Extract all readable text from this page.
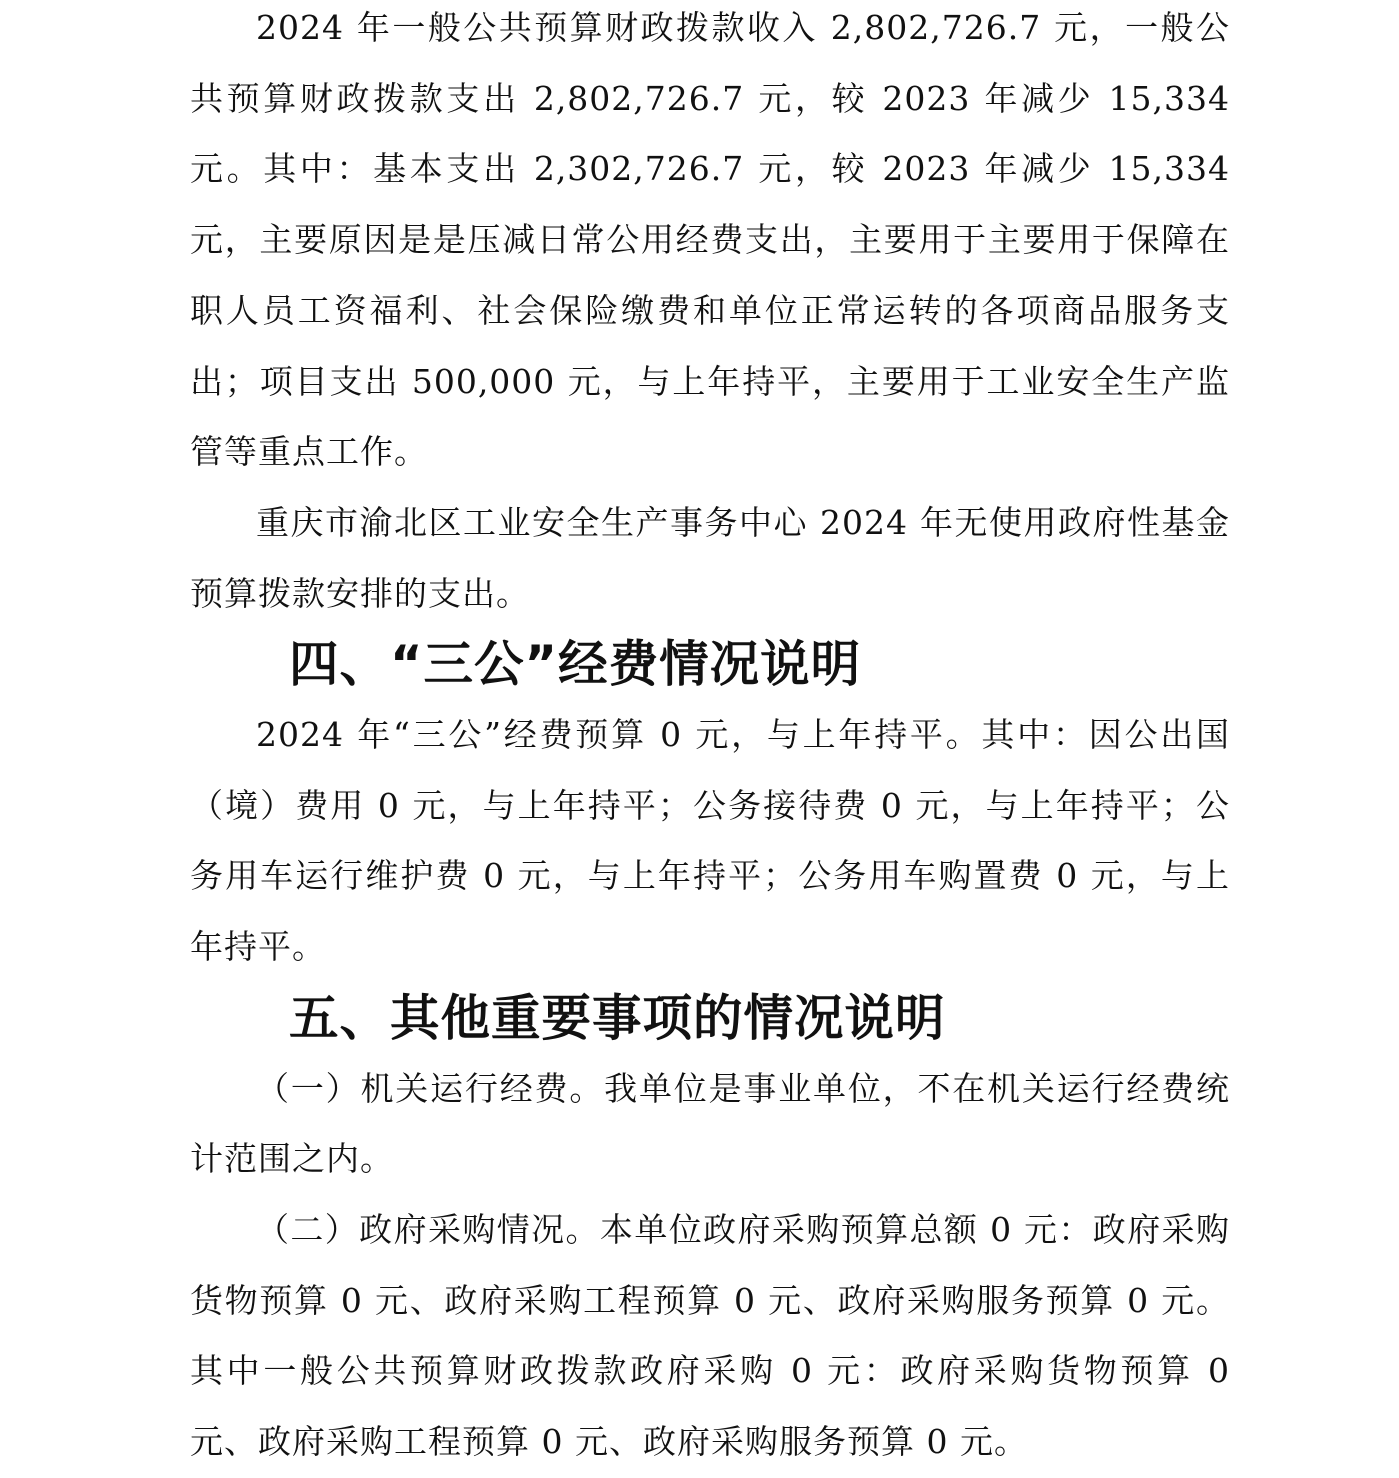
2024 年一般公共预算财政拨款收入 2,802,726.7 元，一般公共预算财政拨款支出 2,802,726.7 元，较 2023 年减少 15,334 元。其中：基本支出 2,302,726.7 元，较 2023 年减少 15,334 元，主要原因是是压减日常公用经费支出，主要用于主要用于保障在职人员工资福利、社会保险缴费和单位正常运转的各项商品服务支出；项目支出 500,000 元，与上年持平，主要用于工业安全生产监管等重点工作。

重庆市渝北区工业安全生产事务中心 2024 年无使用政府性基金预算拨款安排的支出。

四、“三公”经费情况说明

2024 年“三公”经费预算 0 元，与上年持平。其中：因公出国（境）费用 0 元，与上年持平；公务接待费 0 元，与上年持平；公务用车运行维护费 0 元，与上年持平；公务用车购置费 0 元，与上年持平。

五、其他重要事项的情况说明

（一）机关运行经费。我单位是事业单位，不在机关运行经费统计范围之内。

（二）政府采购情况。本单位政府采购预算总额 0 元：政府采购货物预算 0 元、政府采购工程预算 0 元、政府采购服务预算 0 元。其中一般公共预算财政拨款政府采购 0 元：政府采购货物预算 0 元、政府采购工程预算 0 元、政府采购服务预算 0 元。
